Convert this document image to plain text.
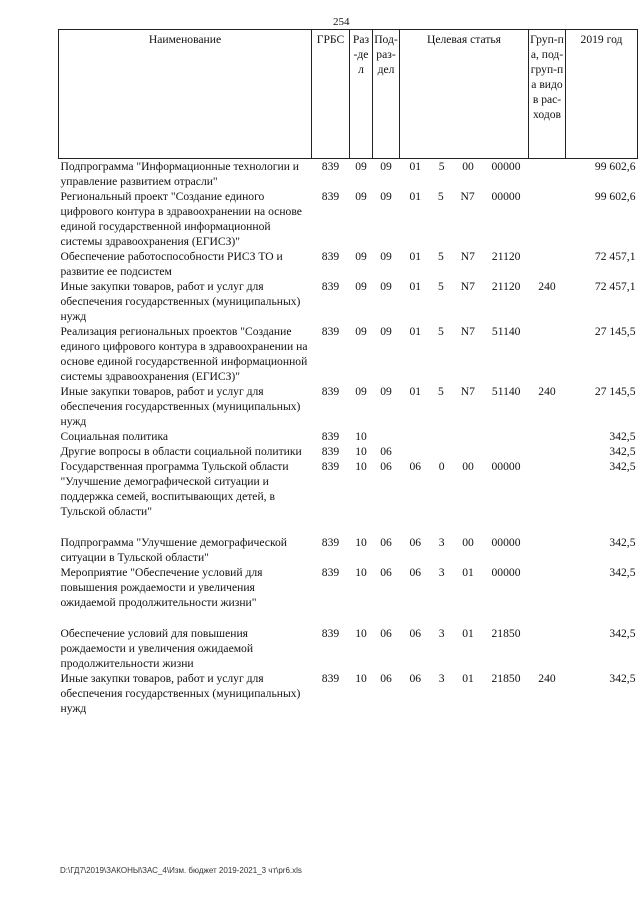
254
Наименование	ГРБС	Раз-дел	Под-раз-дел	Целевая статья	Груп-па, под-груп-па видов рас-ходов	2019 год
Подпрограмма "Информационные технологии и управление развитием отрасли"	839	09	09	01 5 00 00000		99 602,6
Региональный проект "Создание единого цифрового контура в здравоохранении на основе единой государственной информационной системы здравоохранения (ЕГИСЗ)"	839	09	09	01 5 N7 00000		99 602,6
Обеспечение работоспособности РИСЗ ТО и развитие ее подсистем	839	09	09	01 5 N7 21120		72 457,1
Иные закупки товаров, работ и услуг для обеспечения государственных (муниципальных) нужд	839	09	09	01 5 N7 21120	240	72 457,1
Реализация региональных проектов "Создание единого цифрового контура в здравоохранении на основе единой государственной информационной системы здравоохранения (ЕГИСЗ)"	839	09	09	01 5 N7 51140		27 145,5
Иные закупки товаров, работ и услуг для обеспечения государственных (муниципальных) нужд	839	09	09	01 5 N7 51140	240	27 145,5
Социальная политика	839	10				342,5
Другие вопросы в области социальной политики	839	10	06			342,5
Государственная программа Тульской области "Улучшение демографической ситуации и поддержка семей, воспитывающих детей, в Тульской области"	839	10	06	06 0 00 00000		342,5
Подпрограмма "Улучшение демографической ситуации в Тульской области"	839	10	06	06 3 00 00000		342,5
Мероприятие "Обеспечение условий для повышения рождаемости и увеличения ожидаемой продолжительности жизни"	839	10	06	06 3 01 00000		342,5
Обеспечение условий для повышения рождаемости и увеличения ожидаемой продолжительности жизни	839	10	06	06 3 01 21850		342,5
Иные закупки товаров, работ и услуг для обеспечения государственных (муниципальных) нужд	839	10	06	06 3 01 21850	240	342,5
D:\ГД7\2019\ЗАКОНЫ\ЗАС_4\Изм. бюджет 2019-2021_3 чт\pr6.xls
